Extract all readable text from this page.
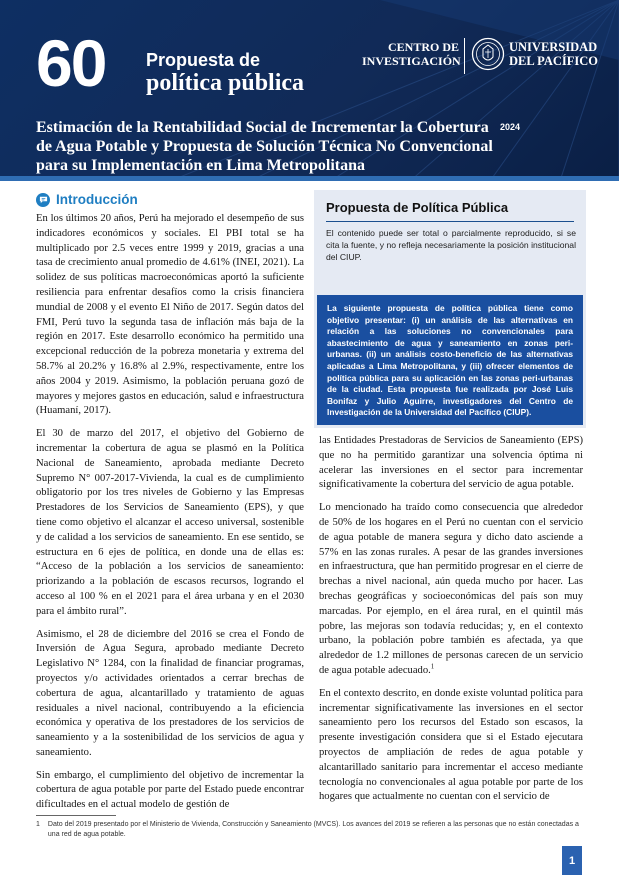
60 Propuesta de
política pública
CENTRO DE
INVESTIGACIÓN
UNIVERSIDAD
DEL PACÍFICO
Estimación de la Rentabilidad Social de Incrementar la Cobertura de Agua Potable y Propuesta de Solución Técnica No Convencional para su Implementación en Lima Metropolitana
2024
Introducción

En los últimos 20 años, Perú ha mejorado el desempeño de sus indicadores económicos y sociales. El PBI total se ha multiplicado por 2.5 veces entre 1999 y 2019, gracias a una tasa de crecimiento anual promedio de 4.61% (INEI, 2021). La solidez de sus políticas macroeconómicas aportó la suficiente resiliencia para enfrentar desafíos como la crisis financiera mundial de 2008 y el evento El Niño de 2017. Según datos del FMI, Perú tuvo la segunda tasa de inflación más baja de la región en 2017. Este desarrollo económico ha permitido una excepcional reducción de la pobreza monetaria y extrema del 58.7% al 20.2% y 16.8% al 2.9%, respectivamente, entre los años 2004 y 2019. Asimismo, la población peruana gozó de mayores y mejores gastos en educación, salud e infraestructura (Huamaní, 2017).

El 30 de marzo del 2017, el objetivo del Gobierno de incrementar la cobertura de agua se plasmó en la Política Nacional de Saneamiento, aprobada mediante Decreto Supremo N° 007-2017-Vivienda, la cual es de cumplimiento obligatorio por los tres niveles de Gobierno y las Empresas Prestadores de los Servicios de Saneamiento (EPS), y que tiene como objetivo el alcanzar el acceso universal, sostenible y de calidad a los servicios de saneamiento. En ese sentido, se estructura en 6 ejes de política, en donde una de ellas es: “Acceso de la población a los servicios de saneamiento: priorizando a la población de escasos recursos, logrando el acceso al 100 % en el 2021 para el área urbana y en el 2030 para el ámbito rural”.

Asimismo, el 28 de diciembre del 2016 se crea el Fondo de Inversión de Agua Segura, aprobado mediante Decreto Legislativo N° 1284, con la finalidad de financiar programas, proyectos y/o actividades orientados a cerrar brechas de cobertura de agua, alcantarillado y tratamiento de aguas residuales a nivel nacional, contribuyendo a la eficiencia económica y operativa de los prestadores de los servicios de saneamiento y a la sostenibilidad de los servicios de agua y saneamiento.

Sin embargo, el cumplimiento del objetivo de incrementar la cobertura de agua potable por parte del Estado puede encontrar dificultades en el actual modelo de gestión de

Propuesta de Política Pública
El contenido puede ser total o parcialmente reproducido, si se cita la fuente, y no refleja necesariamente la posición institucional del CIUP.
La siguiente propuesta de política pública tiene como objetivo presentar: (i) un análisis de las alternativas en relación a las soluciones no convencionales para abastecimiento de agua y saneamiento en zonas peri-urbanas. (ii) un análisis costo-beneficio de las alternativas aplicadas a Lima Metropolitana, y (iii) ofrecer elementos de política pública para su aplicación en las zonas peri-urbanas de la ciudad. Esta propuesta fue realizada por José Luis Bonifaz y Julio Aguirre, investigadores del Centro de Investigación de la Universidad del Pacífico (CIUP).

las Entidades Prestadoras de Servicios de Saneamiento (EPS) que no ha permitido garantizar una solvencia óptima ni acelerar las inversiones en el sector para incrementar significativamente la cobertura del servicio de agua potable.

Lo mencionado ha traído como consecuencia que alrededor de 50% de los hogares en el Perú no cuentan con el servicio de agua potable de manera segura y dicho dato asciende a 57% en las zonas rurales. A pesar de las grandes inversiones en infraestructura, que han permitido progresar en el cierre de brechas a nivel nacional, aún queda mucho por hacer. Las brechas geográficas y socioeconómicas del país son muy marcadas. Por ejemplo, en el área rural, en el quintil más pobre, las mejoras son todavía reducidas; y, en el contexto urbano, la población pobre también es afectada, ya que alrededor de 1.2 millones de personas carecen de un servicio de agua potable adecuado.$^1$

En el contexto descrito, en donde existe voluntad política para incrementar significativamente las inversiones en el sector saneamiento pero los recursos del Estado son escasos, la presente investigación considera que si el Estado ejecutara proyectos de ampliación de redes de agua potable y alcantarillado sanitario para incrementar el acceso mediante tecnología no convencionales al agua potable por parte de los hogares que actualmente no cuentan con el servicio de

1 Dato del 2019 presentado por el Ministerio de Vivienda, Construcción y Saneamiento (MVCS). Los avances del 2019 se refieren a las personas que no están conectadas a una red de agua potable.
1
